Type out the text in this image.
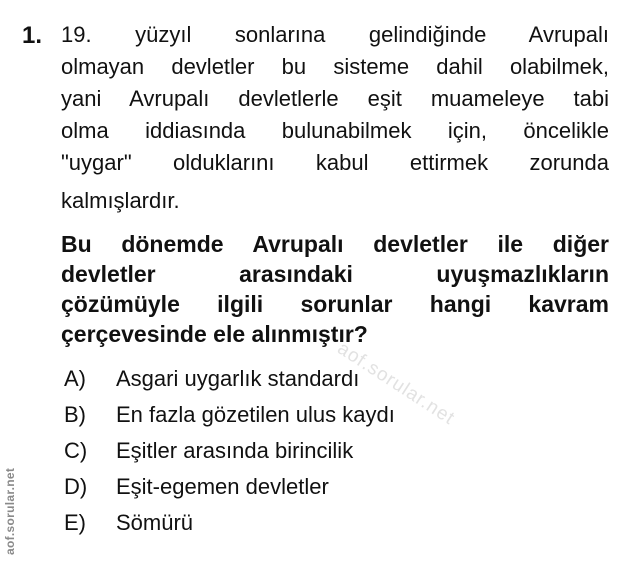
1. 19. yüzyıl sonlarına gelindiğinde Avrupalı
olmayan devletler bu sisteme dahil olabilmek,
yani Avrupalı devletlerle eşit muameleye tabi
olma iddiasında bulunabilmek için, öncelikle
"uygar" olduklarını kabul ettirmek zorunda
kalmışlardır.
Bu dönemde Avrupalı devletler ile diğer
devletler arasındaki uyuşmazlıkların
çözümüyle ilgili sorunlar hangi kavram
çerçevesinde ele alınmıştır?
A)	Asgari uygarlık standardı
B)	En fazla gözetilen ulus kaydı
C)	Eşitler arasında birincilik
D)	Eşit-egemen devletler
E)	Sömürü
aof.sorular.net
aof.sorular.net
